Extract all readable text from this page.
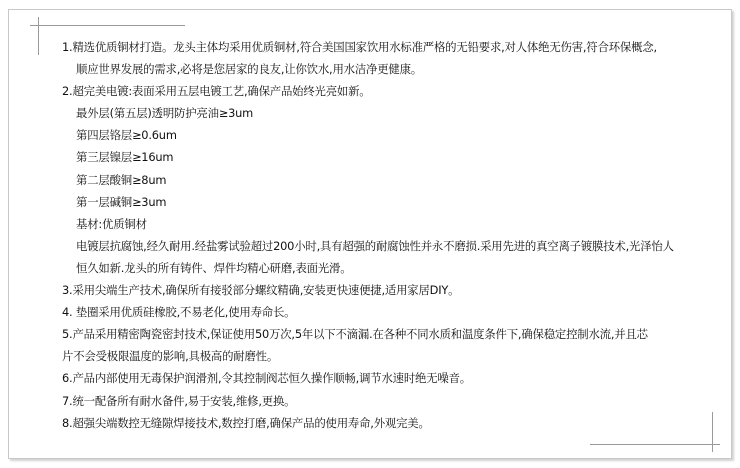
1.精选优质铜材打造。龙头主体均采用优质铜材,符合美国国家饮用水标准严格的无铅要求,对人体绝无伤害,符合环保概念,
顺应世界发展的需求,必将是您居家的良友,让你饮水,用水洁净更健康。
2.超完美电镀:表面采用五层电镀工艺,确保产品始终光亮如新。
最外层(第五层)透明防护亮油≥3um
第四层铬层≥0.6um
第三层镍层≥16um
第二层酸铜≥8um
第一层碱铜≥3um
基材:优质铜材
电镀层抗腐蚀,经久耐用.经盐雾试验超过200小时,具有超强的耐腐蚀性并永不磨损.采用先进的真空离子镀膜技术,光泽怡人
恒久如新.龙头的所有铸件、焊件均精心研磨,表面光滑。
3.采用尖端生产技术,确保所有接驳部分螺纹精确,安装更快速便捷,适用家居DIY。
4. 垫圈采用优质硅橡胶,不易老化,使用寿命长。
5.产品采用精密陶瓷密封技术,保证使用50万次,5年以下不滴漏.在各种不同水质和温度条件下,确保稳定控制水流,并且芯
片不会受极限温度的影响,具极高的耐磨性。
6.产品内部使用无毒保护润滑剂,令其控制阀芯恒久操作顺畅,调节水速时绝无噪音。
7.统一配备所有耐水备件,易于安装,维修,更换。
8.超强尖端数控无缝隙焊接技术,数控打磨,确保产品的使用寿命,外观完美。
